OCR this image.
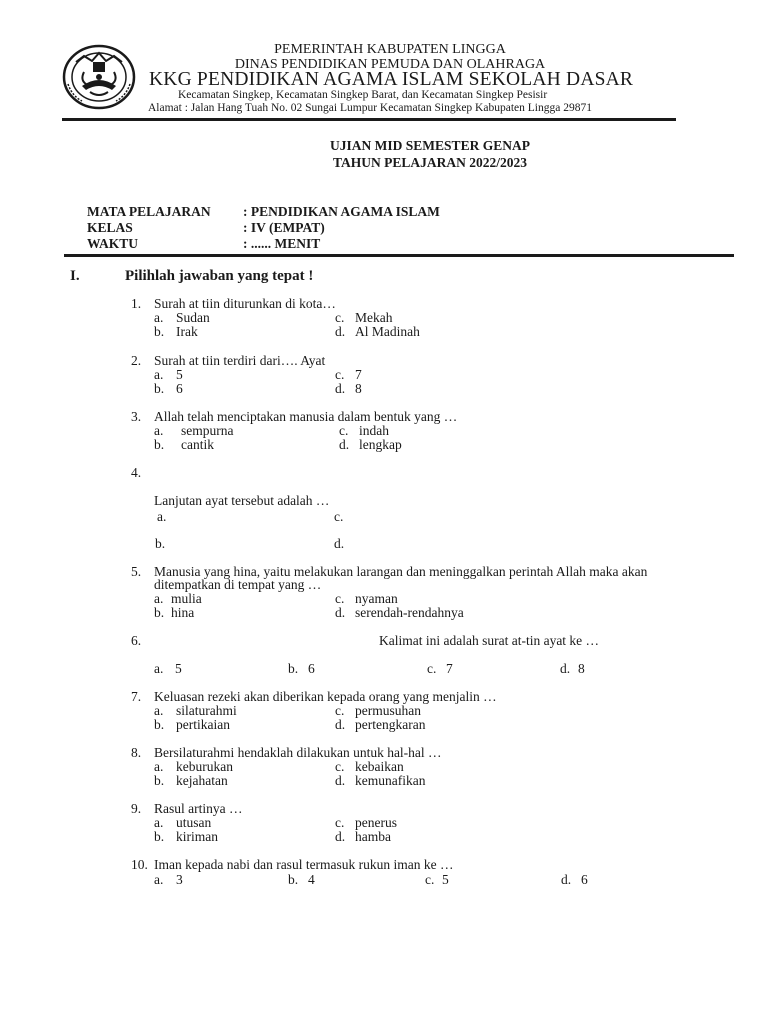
PEMERINTAH KABUPATEN LINGGA
DINAS PENDIDIKAN PEMUDA DAN OLAHRAGA
KKG PENDIDIKAN AGAMA ISLAM SEKOLAH DASAR
Kecamatan Singkep, Kecamatan Singkep Barat, dan Kecamatan Singkep Pesisir
Alamat : Jalan Hang Tuah No. 02 Sungai Lumpur Kecamatan Singkep Kabupaten Lingga 29871
UJIAN MID SEMESTER GENAP
TAHUN PELAJARAN 2022/2023
MATA PELAJARAN : PENDIDIKAN AGAMA ISLAM
KELAS	: IV (EMPAT)
WAKTU	: ...... MENIT
I.	Pilihlah jawaban yang tepat !
1. Surah at tiin diturunkan di kota…
a. Sudan	c. Mekah
b. Irak	d. Al Madinah
2. Surah at tiin terdiri dari…. Ayat
a. 5	c. 7
b. 6	d. 8
3. Allah telah menciptakan manusia dalam bentuk yang …
a. sempurna	c. indah
b. cantik	d. lengkap
4.
Lanjutan ayat tersebut adalah …
a.	c.
b.	d.
5. Manusia yang hina, yaitu melakukan larangan dan meninggalkan perintah Allah maka akan
ditempatkan di tempat yang …
a. mulia	c. nyaman
b. hina	d. serendah-rendahnya
6.	Kalimat ini adalah surat at-tin ayat ke …
a. 5	b. 6	c. 7	d. 8
7. Keluasan rezeki akan diberikan kepada orang yang menjalin …
a. silaturahmi	c. permusuhan
b. pertikaian	d. pertengkaran
8. Bersilaturahmi hendaklah dilakukan untuk hal-hal …
a. keburukan	c. kebaikan
b. kejahatan	d. kemunafikan
9. Rasul artinya …
a. utusan	c. penerus
b. kiriman	d. hamba
10. Iman kepada nabi dan rasul termasuk rukun iman ke …
a. 3	b. 4	c. 5	d. 6
